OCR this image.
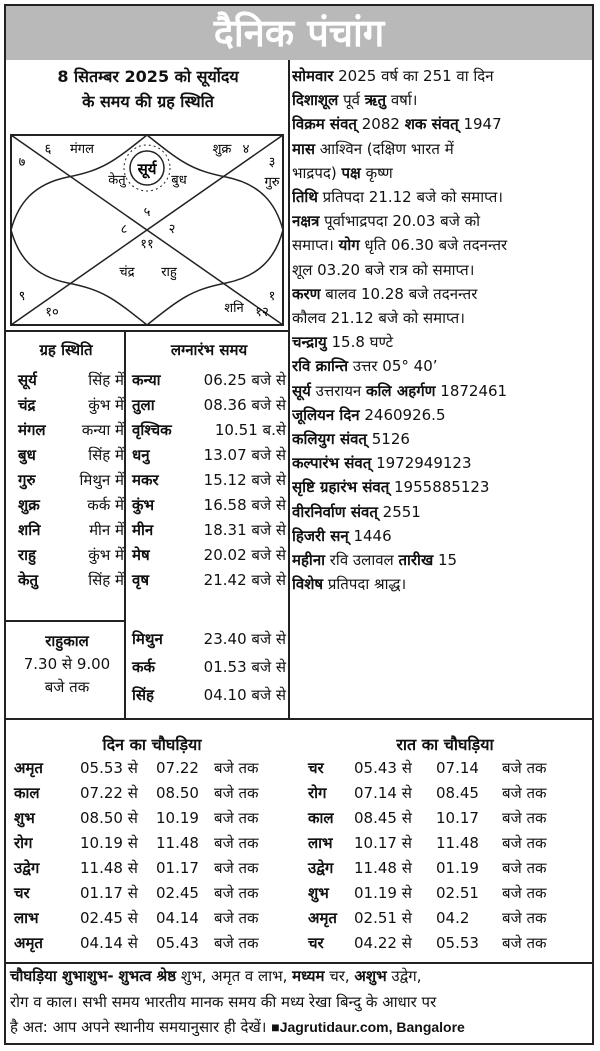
दैनिक पंचांग
8 सितम्बर 2025 को सूर्योदय
के समय की ग्रह स्थिति
सूर्य
केतु	बुध
शुक्र
गुरु
मंगल
चंद्र राहु
शनि
५
२
८
११
४
६
७	३
९	१
१०	१२
ग्रह स्थिति	लग्नारंभ समय
सूर्य	सिंह में
चंद्र	कुंभ में
मंगल कन्या में
बुध	सिंह में
गुरु	मिथुन में
शुक्र	कर्क में
शनि	मीन में
राहु	कुंभ में
केतु	सिंह में
राहुकाल
7.30 से 9.00
बजे तक
कन्या	06.25 बजे से
तुला	08.36 बजे से
वृश्चिक	10.51 ब.से
धनु	13.07 बजे से
मकर	15.12 बजे से
कुंभ	16.58 बजे से
मीन	18.31 बजे से
मेष	20.02 बजे से
वृष	21.42 बजे से
मिथुन	23.40 बजे से
कर्क	01.53 बजे से
सिंह	04.10 बजे से
सोमवार 2025 वर्ष का 251 वा दिन
दिशाशूल पूर्व ऋतु वर्षा।
विक्रम संवत् 2082 शक संवत् 1947
मास आश्विन (दक्षिण भारत में
भाद्रपद) पक्ष कृष्ण
तिथि प्रतिपदा 21.12 बजे को समाप्त।
नक्षत्र पूर्वाभाद्रपदा 20.03 बजे को
समाप्त। योग धृति 06.30 बजे तदनन्तर
शूल 03.20 बजे रात्र को समाप्त।
करण बालव 10.28 बजे तदनन्तर
कौलव 21.12 बजे को समाप्त।
चन्द्रायु 15.8 घण्टे
रवि क्रान्ति उत्तर 05° 40’
सूर्य उत्तरायन कलि अहर्गण 1872461
जूलियन दिन 2460926.5
कलियुग संवत् 5126
कल्पारंभ संवत् 1972949123
सृष्टि ग्रहारंभ संवत् 1955885123
वीरनिर्वाण संवत् 2551
हिजरी सन् 1446
महीना रवि उलावल तारीख 15
विशेष प्रतिपदा श्राद्ध।
दिन का चौघड़िया	रात का चौघड़िया
अमृत 05.53 से 07.22 बजे तक
काल	07.22 से 08.50 बजे तक
शुभ	08.50 से 10.19 बजे तक
रोग	10.19 से 11.48 बजे तक
उद्वेग	11.48 से 01.17 बजे तक
चर	01.17 से 02.45 बजे तक
लाभ	02.45 से 04.14 बजे तक
अमृत 04.14 से 05.43 बजे तक
चर 05.43 से 07.14 बजे तक
रोग 07.14 से 08.45 बजे तक
काल 08.45 से 10.17 बजे तक
लाभ 10.17 से 11.48 बजे तक
उद्वेग 11.48 से 01.19 बजे तक
शुभ 01.19 से 02.51 बजे तक
अमृत 02.51 से 04.2 बजे तक
चर 04.22 से 05.53 बजे तक
चौघड़िया शुभाशुभ- शुभत्व श्रेष्ठ शुभ, अमृत व लाभ, मध्यम चर, अशुभ उद्वेग,
रोग व काल। सभी समय भारतीय मानक समय की मध्य रेखा बिन्दु के आधार पर
है अत: आप अपने स्थानीय समयानुसार ही देखें। ■Jagrutidaur.com, Bangalore
